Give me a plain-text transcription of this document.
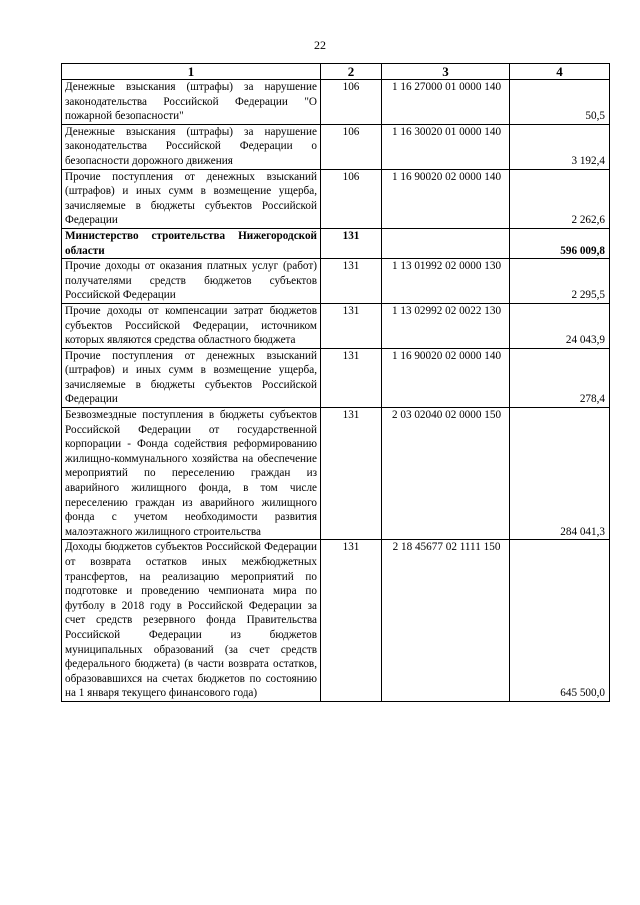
22
1	2	3	4
Денежные взыскания (штрафы) за нарушение законодательства Российской Федерации "О пожарной безопасности"	106	1 16 27000 01 0000 140	50,5
Денежные взыскания (штрафы) за нарушение законодательства Российской Федерации о безопасности дорожного движения	106	1 16 30020 01 0000 140	3 192,4
Прочие поступления от денежных взысканий (штрафов) и иных сумм в возмещение ущерба, зачисляемые в бюджеты субъектов Российской Федерации	106	1 16 90020 02 0000 140	2 262,6
Министерство строительства Нижегородской области	131		596 009,8
Прочие доходы от оказания платных услуг (работ) получателями средств бюджетов субъектов Российской Федерации	131	1 13 01992 02 0000 130	2 295,5
Прочие доходы от компенсации затрат бюджетов субъектов Российской Федерации, источником которых являются средства областного бюджета	131	1 13 02992 02 0022 130	24 043,9
Прочие поступления от денежных взысканий (штрафов) и иных сумм в возмещение ущерба, зачисляемые в бюджеты субъектов Российской Федерации	131	1 16 90020 02 0000 140	278,4
Безвозмездные поступления в бюджеты субъектов Российской Федерации от государственной корпорации - Фонда содействия реформированию жилищно-коммунального хозяйства на обеспечение мероприятий по переселению граждан из аварийного жилищного фонда, в том числе переселению граждан из аварийного жилищного фонда с учетом необходимости развития малоэтажного жилищного строительства	131	2 03 02040 02 0000 150	284 041,3
Доходы бюджетов субъектов Российской Федерации от возврата остатков иных межбюджетных трансфертов, на реализацию мероприятий по подготовке и проведению чемпионата мира по футболу в 2018 году в Российской Федерации за счет средств резервного фонда Правительства Российской Федерации из бюджетов муниципальных образований (за счет средств федерального бюджета) (в части возврата остатков, образовавшихся на счетах бюджетов по состоянию на 1 января текущего финансового года)	131	2 18 45677 02 1111 150	645 500,0
